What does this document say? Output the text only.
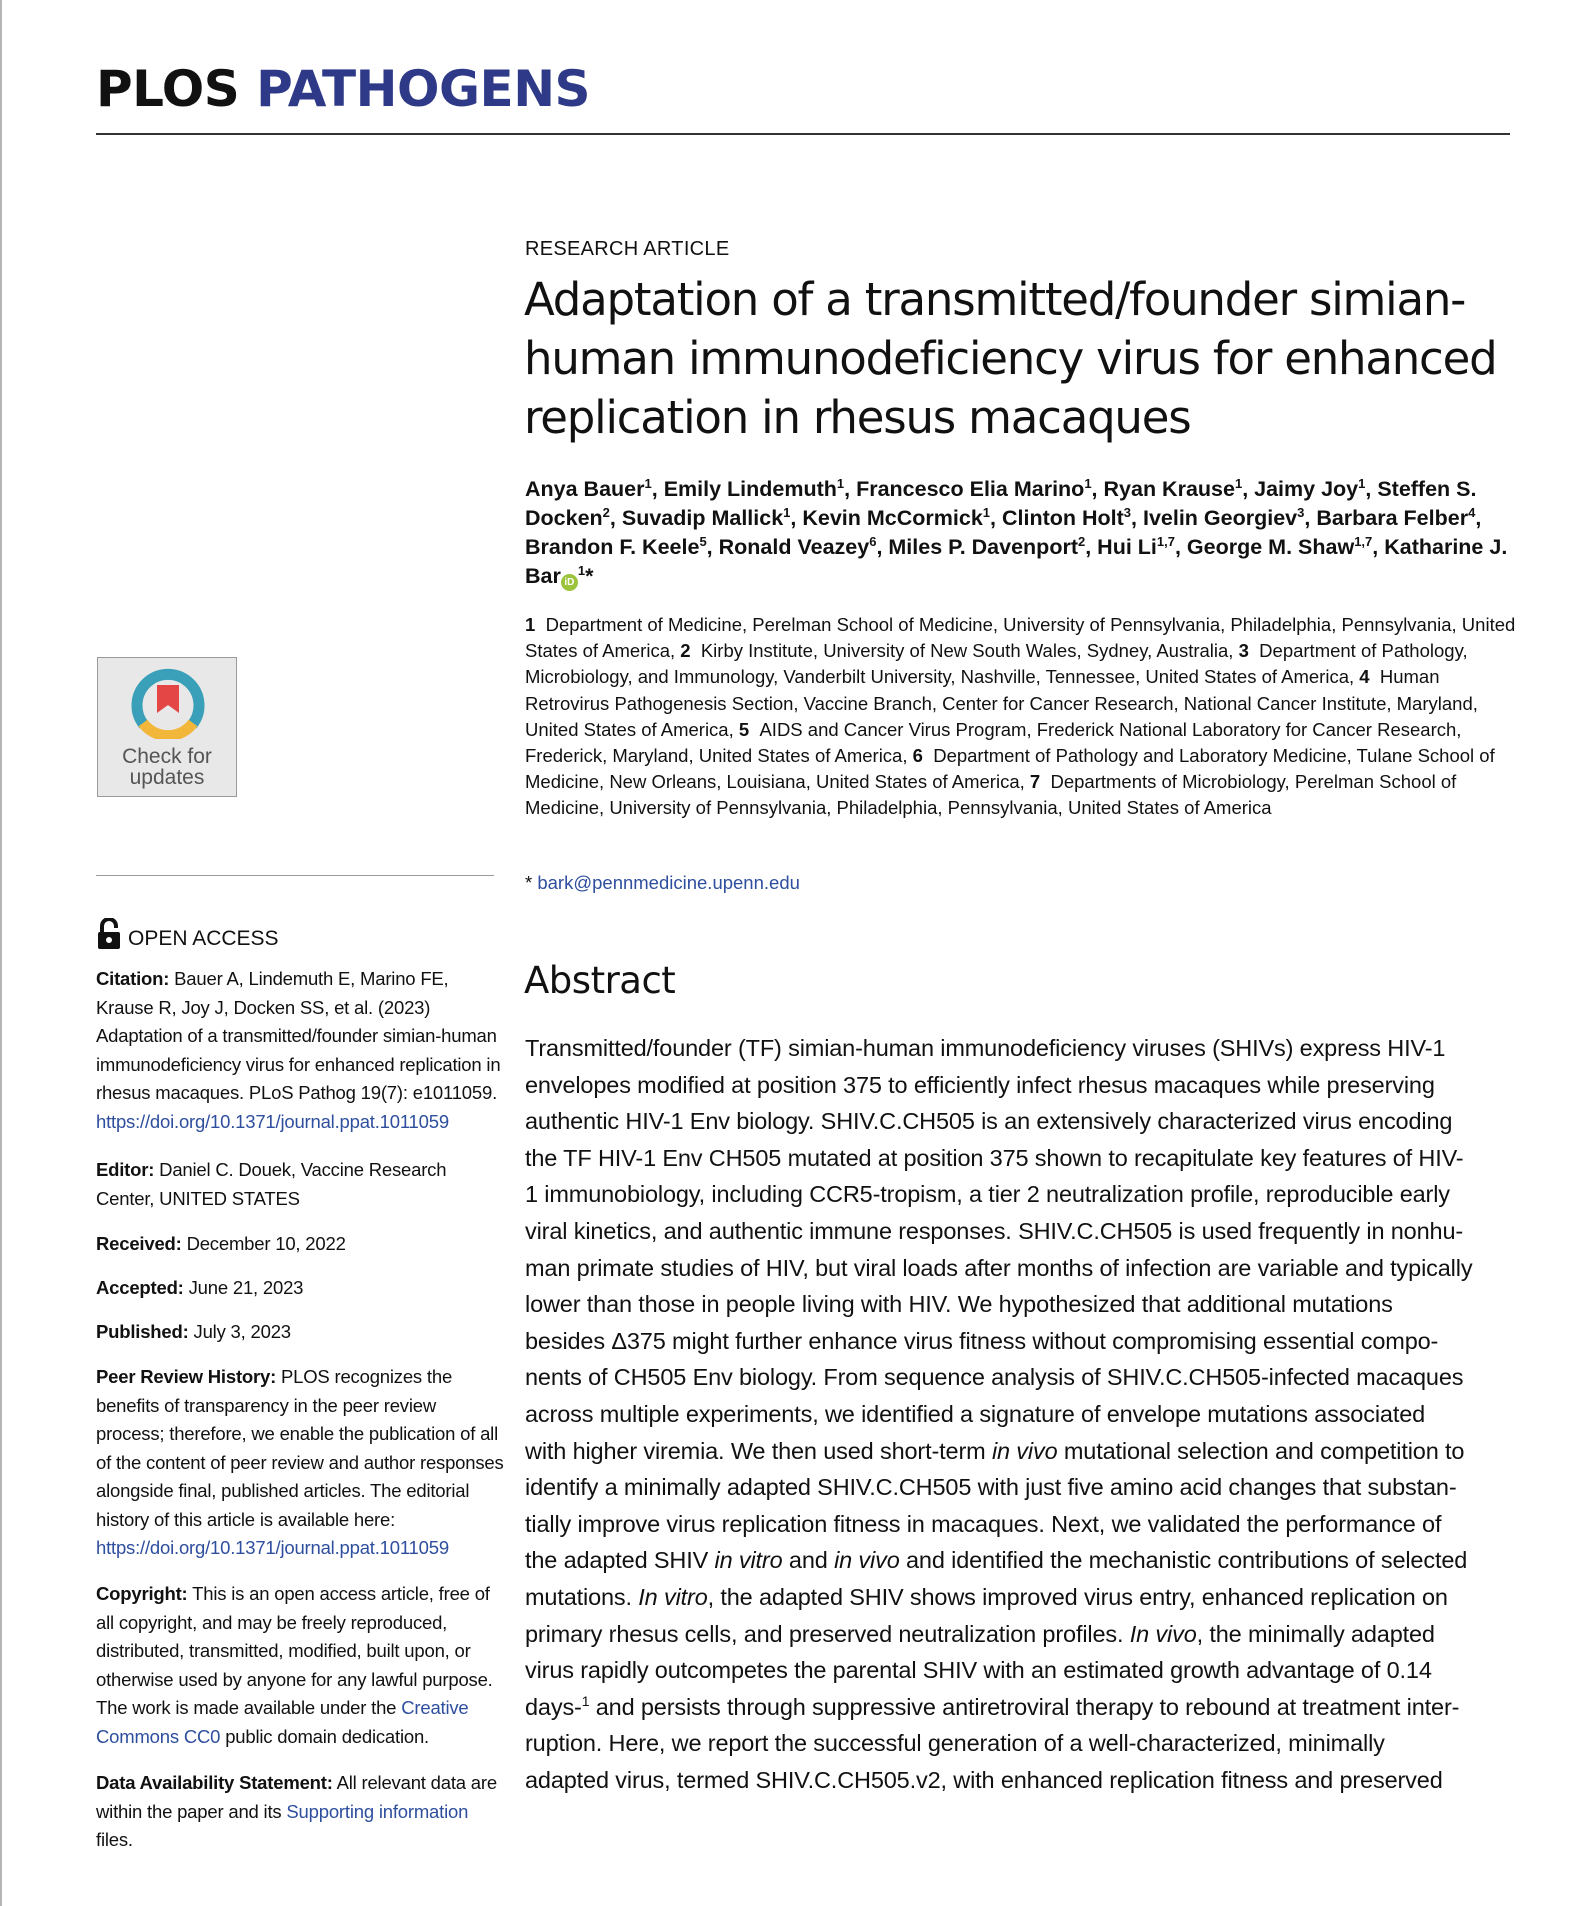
PLOS PATHOGENS
Check for
updates
OPEN ACCESS
Citation: Bauer A, Lindemuth E, Marino FE, Krause R, Joy J, Docken SS, et al. (2023) Adaptation of a transmitted/founder simian-human immunodeficiency virus for enhanced replication in rhesus macaques. PLoS Pathog 19(7): e1011059.
https://doi.org/10.1371/journal.ppat.1011059
Editor: Daniel C. Douek, Vaccine Research Center, UNITED STATES
Received: December 10, 2022
Accepted: June 21, 2023
Published: July 3, 2023
Peer Review History: PLOS recognizes the benefits of transparency in the peer review process; therefore, we enable the publication of all of the content of peer review and author responses alongside final, published articles. The editorial history of this article is available here:
https://doi.org/10.1371/journal.ppat.1011059
Copyright: This is an open access article, free of all copyright, and may be freely reproduced, distributed, transmitted, modified, built upon, or otherwise used by anyone for any lawful purpose. The work is made available under the Creative Commons CC0 public domain dedication.
Data Availability Statement: All relevant data are within the paper and its Supporting information
files.
RESEARCH ARTICLE
Adaptation of a transmitted/founder simian-human immunodeficiency virus for enhanced replication in rhesus macaques
Anya Bauer$^1$, Emily Lindemuth$^1$, Francesco Elia Marino$^1$, Ryan Krause$^1$, Jaimy Joy$^1$, Steffen S. Docken$^2$, Suvadip Mallick$^1$, Kevin McCormick$^1$, Clinton Holt$^3$, Ivelin Georgiev$^3$, Barbara Felber$^4$, Brandon F. Keele$^5$, Ronald Veazey$^6$, Miles P. Davenport$^2$, Hui Li$^{1,7}$, George M. Shaw$^{1,7}$, Katharine J. Bar $iD^1*$
1 Department of Medicine, Perelman School of Medicine, University of Pennsylvania, Philadelphia, Pennsylvania, United States of America, 2 Kirby Institute, University of New South Wales, Sydney, Australia, 3 Department of Pathology, Microbiology, and Immunology, Vanderbilt University, Nashville, Tennessee, United States of America, 4 Human Retrovirus Pathogenesis Section, Vaccine Branch, Center for Cancer Research, National Cancer Institute, Maryland, United States of America, 5 AIDS and Cancer Virus Program, Frederick National Laboratory for Cancer Research, Frederick, Maryland, United States of America, 6 Department of Pathology and Laboratory Medicine, Tulane School of Medicine, New Orleans, Louisiana, United States of America, 7 Departments of Microbiology, Perelman School of Medicine, University of Pennsylvania, Philadelphia, Pennsylvania, United States of America
* bark@pennmedicine.upenn.edu
Abstract
Transmitted/founder (TF) simian-human immunodeficiency viruses (SHIVs) express HIV-1
envelopes modified at position 375 to efficiently infect rhesus macaques while preserving
authentic HIV-1 Env biology. SHIV.C.CH505 is an extensively characterized virus encoding
the TF HIV-1 Env CH505 mutated at position 375 shown to recapitulate key features of HIV-
1 immunobiology, including CCR5-tropism, a tier 2 neutralization profile, reproducible early
viral kinetics, and authentic immune responses. SHIV.C.CH505 is used frequently in nonhu-
man primate studies of HIV, but viral loads after months of infection are variable and typically
lower than those in people living with HIV. We hypothesized that additional mutations
besides Δ375 might further enhance virus fitness without compromising essential compo-
nents of CH505 Env biology. From sequence analysis of SHIV.C.CH505-infected macaques
across multiple experiments, we identified a signature of envelope mutations associated
with higher viremia. We then used short-term in vivo mutational selection and competition to
identify a minimally adapted SHIV.C.CH505 with just five amino acid changes that substan-
tially improve virus replication fitness in macaques. Next, we validated the performance of
the adapted SHIV in vitro and in vivo and identified the mechanistic contributions of selected
mutations. In vitro, the adapted SHIV shows improved virus entry, enhanced replication on
primary rhesus cells, and preserved neutralization profiles. In vivo, the minimally adapted
virus rapidly outcompetes the parental SHIV with an estimated growth advantage of 0.14
days-$^1$ and persists through suppressive antiretroviral therapy to rebound at treatment inter-
ruption. Here, we report the successful generation of a well-characterized, minimally
adapted virus, termed SHIV.C.CH505.v2, with enhanced replication fitness and preserved
